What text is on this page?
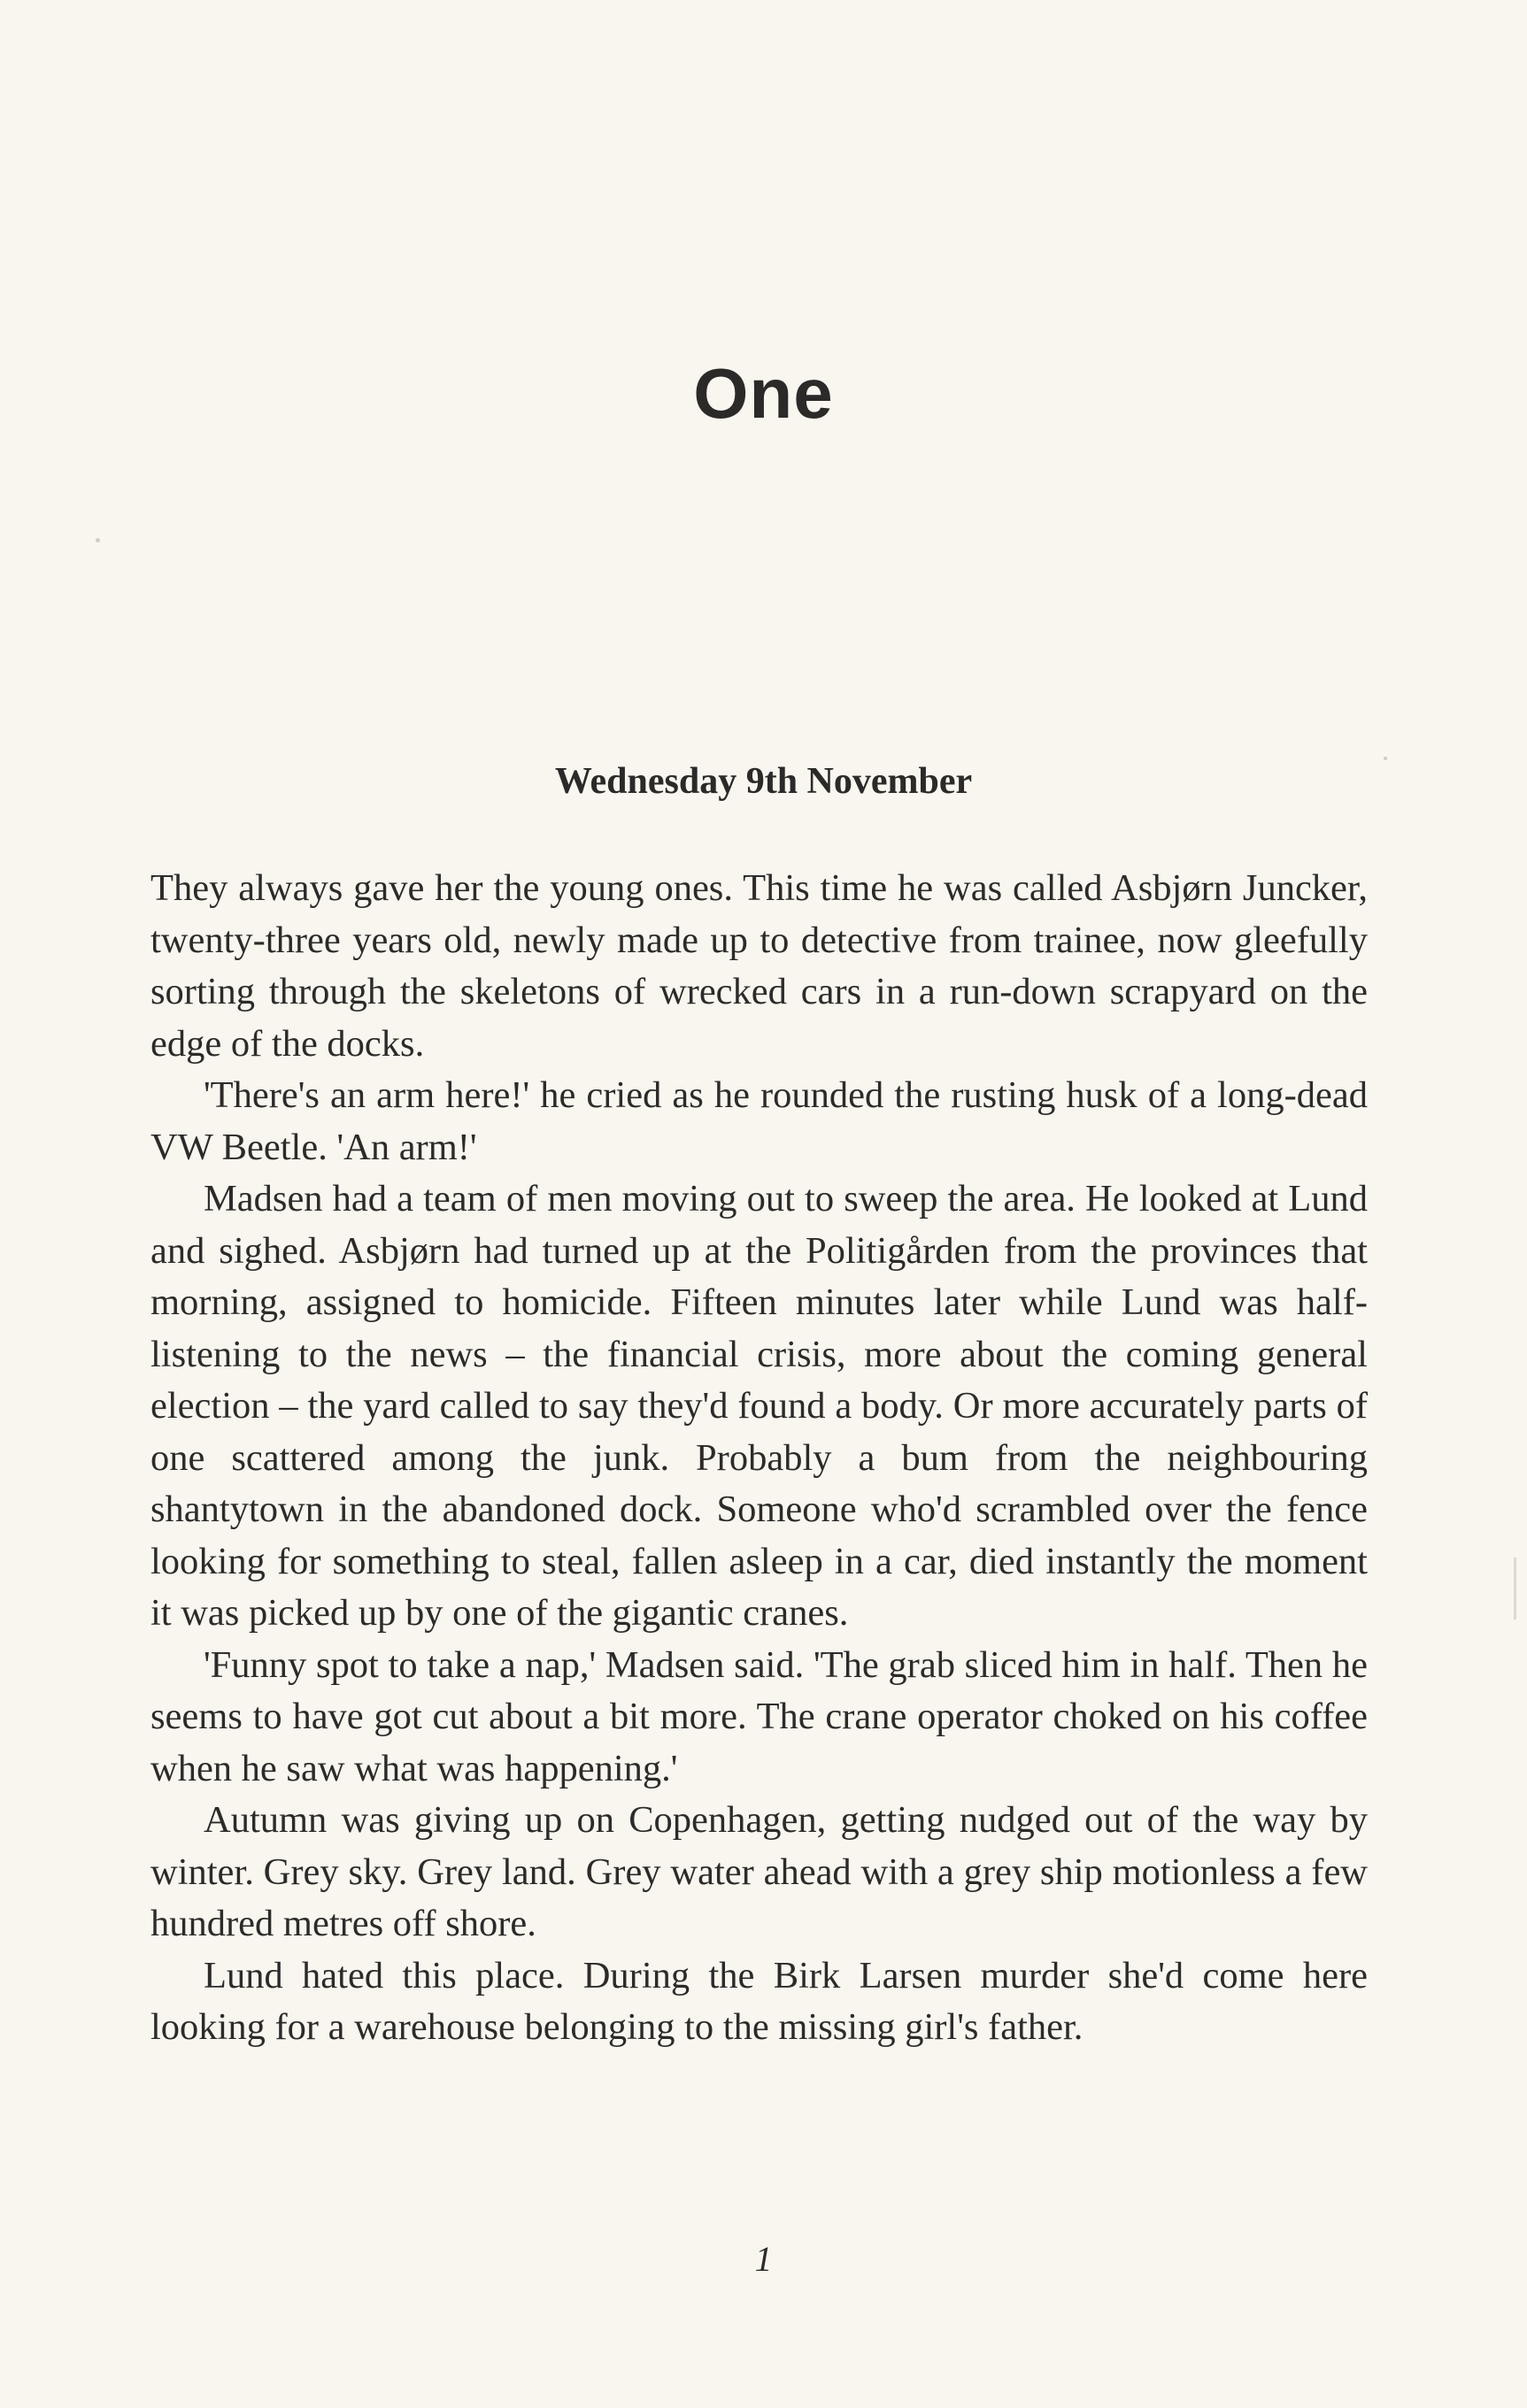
One
Wednesday 9th November

They always gave her the young ones. This time he was called Asbjørn Juncker, twenty-three years old, newly made up to detective from trainee, now gleefully sorting through the skeletons of wrecked cars in a run-down scrapyard on the edge of the docks.

'There's an arm here!' he cried as he rounded the rusting husk of a long-dead VW Beetle. 'An arm!'

Madsen had a team of men moving out to sweep the area. He looked at Lund and sighed. Asbjørn had turned up at the Politigården from the provinces that morning, assigned to homicide. Fifteen minutes later while Lund was half-listening to the news – the financial crisis, more about the coming general election – the yard called to say they'd found a body. Or more accurately parts of one scattered among the junk. Probably a bum from the neighbouring shantytown in the abandoned dock. Someone who'd scrambled over the fence looking for something to steal, fallen asleep in a car, died instantly the moment it was picked up by one of the gigantic cranes.

'Funny spot to take a nap,' Madsen said. 'The grab sliced him in half. Then he seems to have got cut about a bit more. The crane operator choked on his coffee when he saw what was happening.'

Autumn was giving up on Copenhagen, getting nudged out of the way by winter. Grey sky. Grey land. Grey water ahead with a grey ship motionless a few hundred metres off shore.

Lund hated this place. During the Birk Larsen murder she'd come here looking for a warehouse belonging to the missing girl's father.

1
